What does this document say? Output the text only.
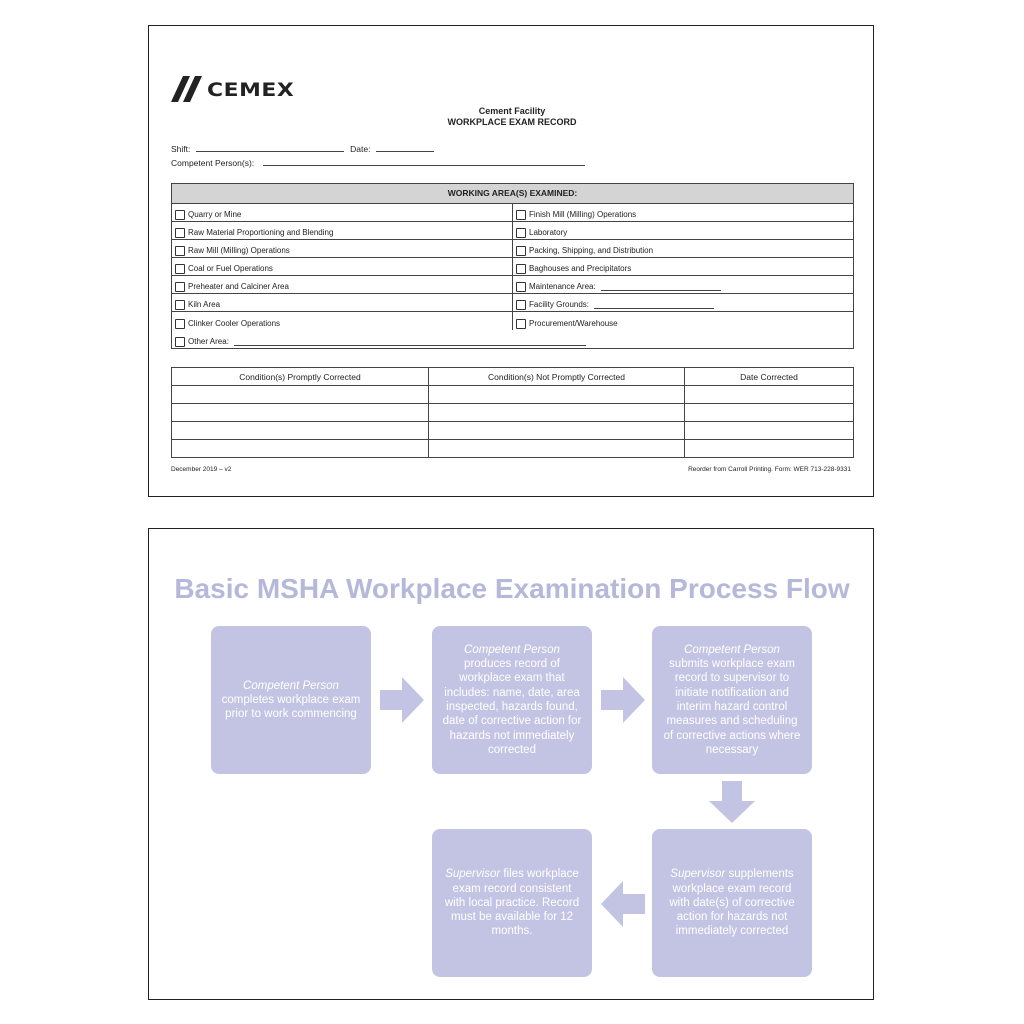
CEMEX
Cement Facility
WORKPLACE EXAM RECORD
Shift:	Date:
Competent Person(s):
WORKING AREA(S) EXAMINED:
Quarry or Mine	Finish Mill (Milling) Operations
Raw Material Proportioning and Blending	Laboratory
Raw Mill (Milling) Operations	Packing, Shipping, and Distribution
Coal or Fuel Operations	Baghouses and Precipitators
Preheater and Calciner Area	Maintenance Area:
Kiln Area	Facility Grounds:
Clinker Cooler Operations	Procurement/Warehouse
Other Area:
Condition(s) Promptly Corrected	Condition(s) Not Promptly Corrected	Date Corrected

December 2019 – v2	Reorder from Carroll Printing. Form: WER 713-228-9331
Basic MSHA Workplace Examination Process Flow
Competent Person
completes workplace exam prior to work commencing
Competent Person
produces record of workplace exam that includes: name, date, area inspected, hazards found, date of corrective action for hazards not immediately corrected
Competent Person
submits workplace exam record to supervisor to initiate notification and interim hazard control measures and scheduling of corrective actions where necessary
Supervisor supplements workplace exam record with date(s) of corrective action for hazards not immediately corrected
Supervisor files workplace exam record consistent with local practice. Record must be available for 12 months.
